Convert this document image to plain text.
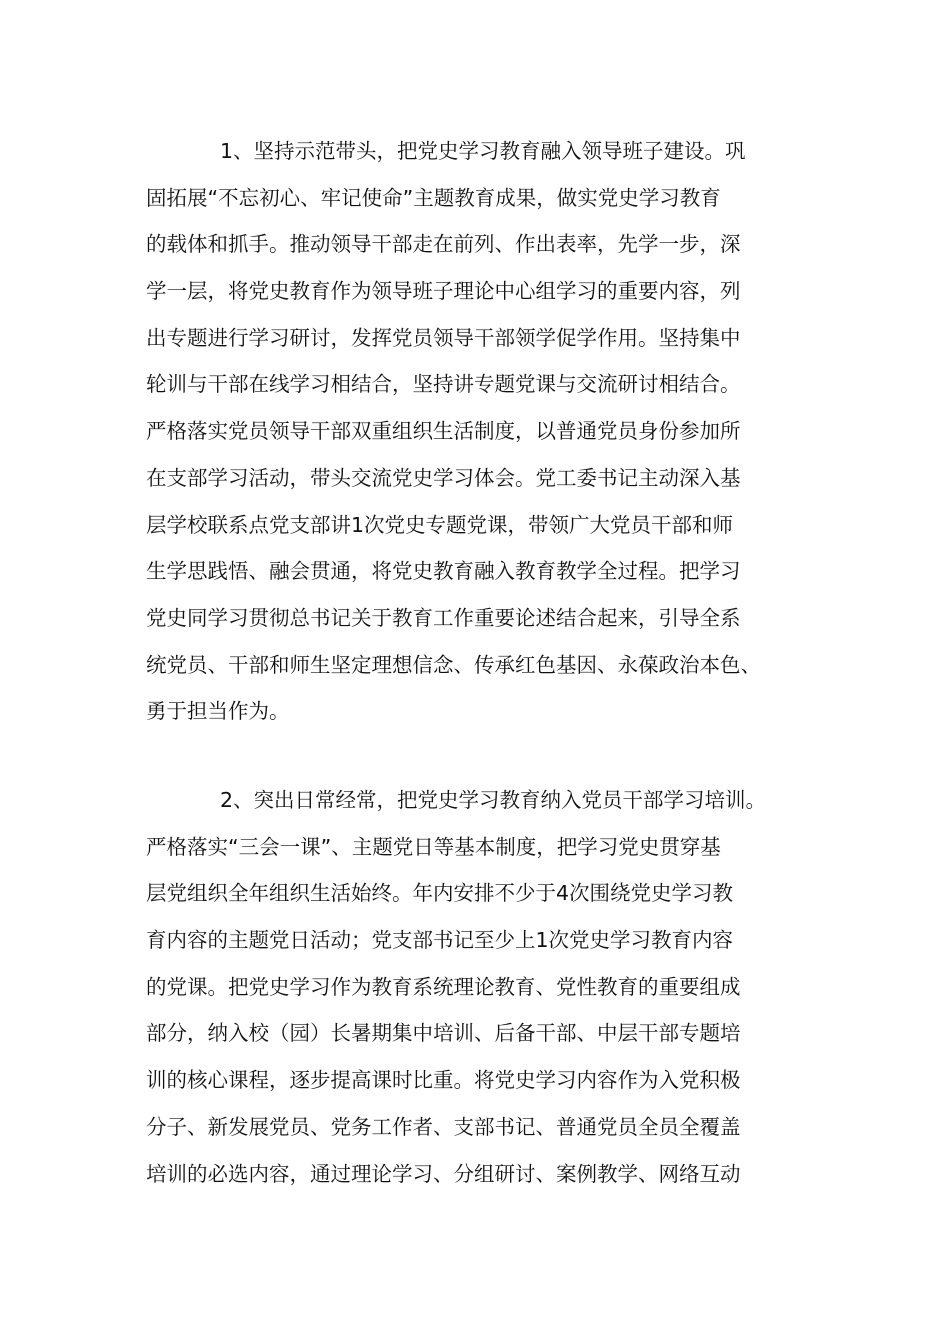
1、坚持示范带头，把党史学习教育融入领导班子建设。巩
固拓展“不忘初心、牢记使命”主题教育成果，做实党史学习教育
的载体和抓手。推动领导干部走在前列、作出表率，先学一步，深
学一层，将党史教育作为领导班子理论中心组学习的重要内容，列
出专题进行学习研讨，发挥党员领导干部领学促学作用。坚持集中
轮训与干部在线学习相结合，坚持讲专题党课与交流研讨相结合。
严格落实党员领导干部双重组织生活制度，以普通党员身份参加所
在支部学习活动，带头交流党史学习体会。党工委书记主动深入基
层学校联系点党支部讲1次党史专题党课，带领广大党员干部和师
生学思践悟、融会贯通，将党史教育融入教育教学全过程。把学习
党史同学习贯彻总书记关于教育工作重要论述结合起来，引导全系
统党员、干部和师生坚定理想信念、传承红色基因、永葆政治本色、
勇于担当作为。
2、突出日常经常，把党史学习教育纳入党员干部学习培训。
严格落实“三会一课”、主题党日等基本制度，把学习党史贯穿基
层党组织全年组织生活始终。年内安排不少于4次围绕党史学习教
育内容的主题党日活动；党支部书记至少上1次党史学习教育内容
的党课。把党史学习作为教育系统理论教育、党性教育的重要组成
部分，纳入校（园）长暑期集中培训、后备干部、中层干部专题培
训的核心课程，逐步提高课时比重。将党史学习内容作为入党积极
分子、新发展党员、党务工作者、支部书记、普通党员全员全覆盖
培训的必选内容，通过理论学习、分组研讨、案例教学、网络互动
